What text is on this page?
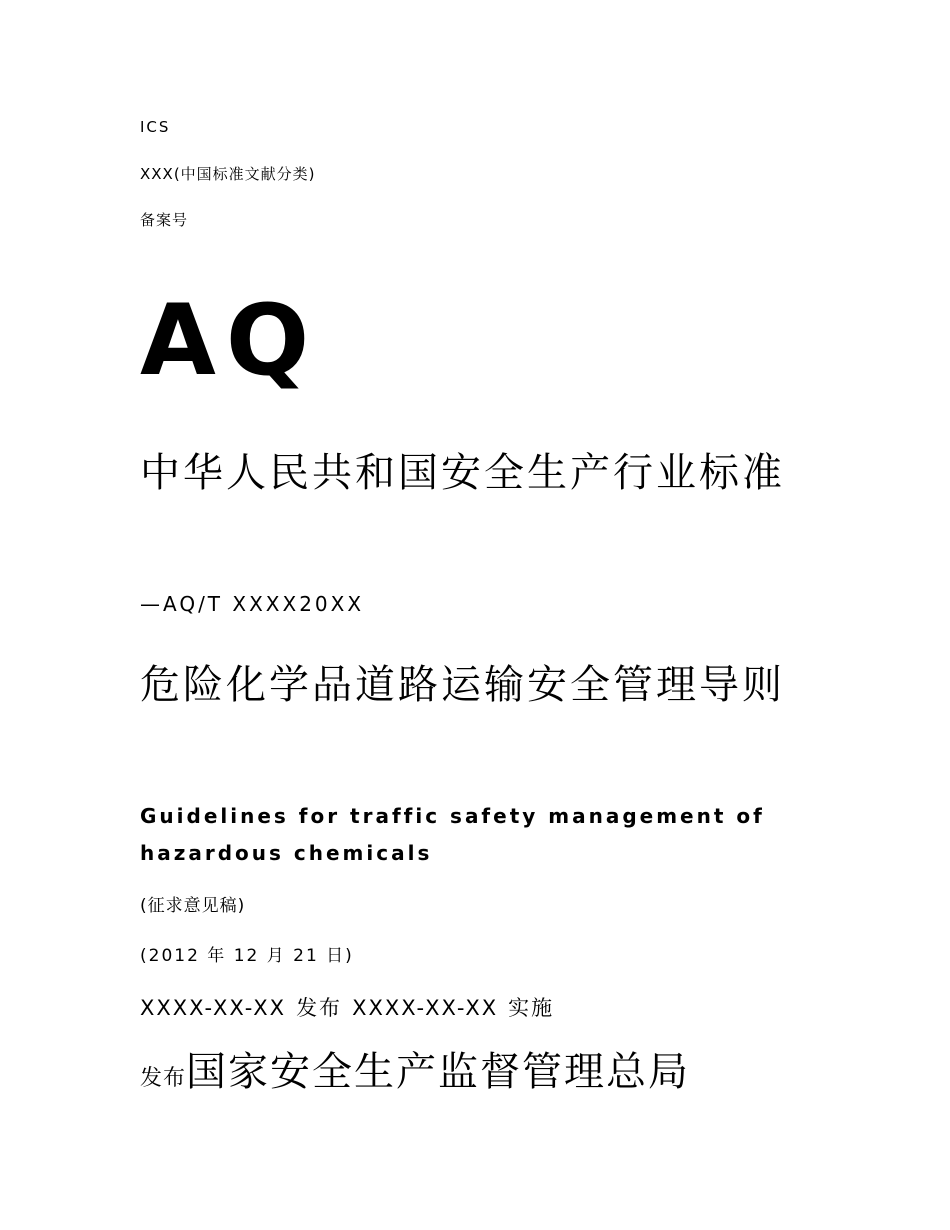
ICS
XXX(中国标准文献分类)
备案号
AQ
中华人民共和国安全生产行业标准
—AQ/T XXXX20XX
危险化学品道路运输安全管理导则
Guidelines for traffic safety management of hazardous chemicals
(征求意见稿)
(2012 年 12 月 21 日)
XXXX-XX-XX 发布 XXXX-XX-XX 实施
发布国家安全生产监督管理总局
